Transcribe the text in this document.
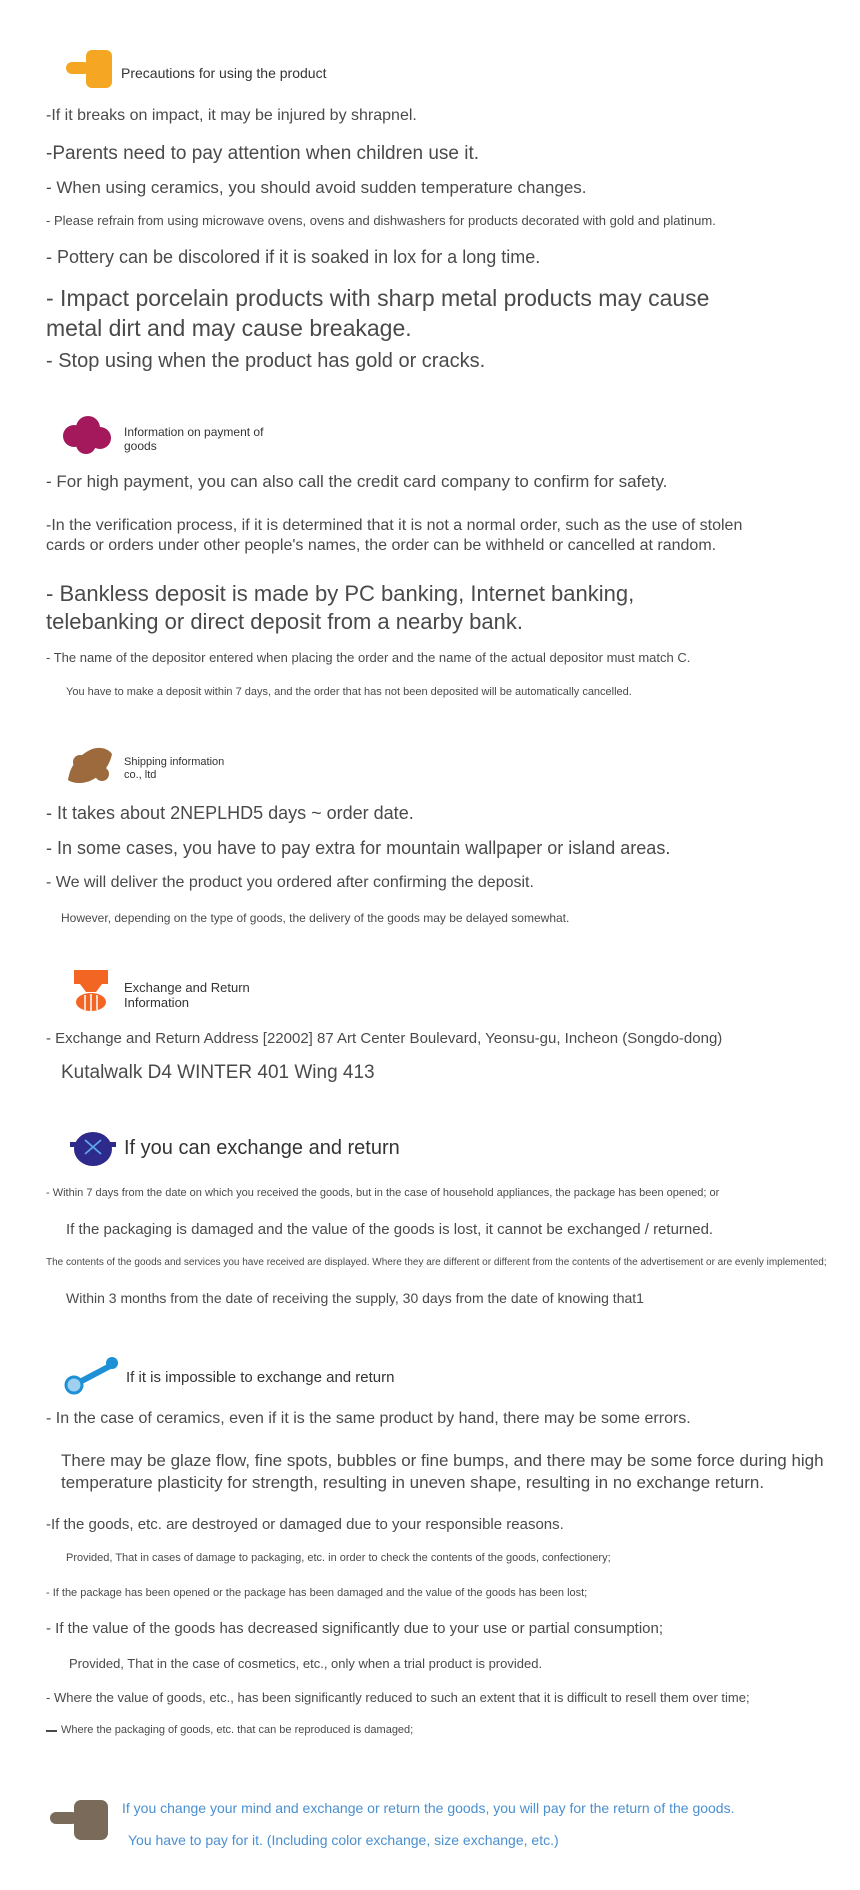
Precautions for using the product
-If it breaks on impact, it may be injured by shrapnel.
-Parents need to pay attention when children use it.
- When using ceramics, you should avoid sudden temperature changes.
- Please refrain from using microwave ovens, ovens and dishwashers for products decorated with gold and platinum.
- Pottery can be discolored if it is soaked in lox for a long time.
- Impact porcelain products with sharp metal products may cause metal dirt and may cause breakage.
- Stop using when the product has gold or cracks.
Information on payment of goods
- For high payment, you can also call the credit card company to confirm for safety.
-In the verification process, if it is determined that it is not a normal order, such as the use of stolen cards or orders under other people's names, the order can be withheld or cancelled at random.
- Bankless deposit is made by PC banking, Internet banking, telebanking or direct deposit from a nearby bank.
- The name of the depositor entered when placing the order and the name of the actual depositor must match C.
You have to make a deposit within 7 days, and the order that has not been deposited will be automatically cancelled.
Shipping information co., ltd
- It takes about 2NEPLHD5 days ~ order date.
- In some cases, you have to pay extra for mountain wallpaper or island areas.
- We will deliver the product you ordered after confirming the deposit.
However, depending on the type of goods, the delivery of the goods may be delayed somewhat.
Exchange and Return Information
- Exchange and Return Address [22002] 87 Art Center Boulevard, Yeonsu-gu, Incheon (Songdo-dong)
Kutalwalk D4 WINTER 401 Wing 413
If you can exchange and return
- Within 7 days from the date on which you received the goods, but in the case of household appliances, the package has been opened; or
If the packaging is damaged and the value of the goods is lost, it cannot be exchanged / returned.
The contents of the goods and services you have received are displayed. Where they are different or different from the contents of the advertisement or are evenly implemented;
Within 3 months from the date of receiving the supply, 30 days from the date of knowing that1
If it is impossible to exchange and return
- In the case of ceramics, even if it is the same product by hand, there may be some errors.
There may be glaze flow, fine spots, bubbles or fine bumps, and there may be some force during high temperature plasticity for strength, resulting in uneven shape, resulting in no exchange return.
-If the goods, etc. are destroyed or damaged due to your responsible reasons.
Provided, That in cases of damage to packaging, etc. in order to check the contents of the goods, confectionery;
- If the package has been opened or the package has been damaged and the value of the goods has been lost;
- If the value of the goods has decreased significantly due to your use or partial consumption;
Provided, That in the case of cosmetics, etc., only when a trial product is provided.
- Where the value of goods, etc., has been significantly reduced to such an extent that it is difficult to resell them over time;
Where the packaging of goods, etc. that can be reproduced is damaged;
If you change your mind and exchange or return the goods, you will pay for the return of the goods.
You have to pay for it. (Including color exchange, size exchange, etc.)
